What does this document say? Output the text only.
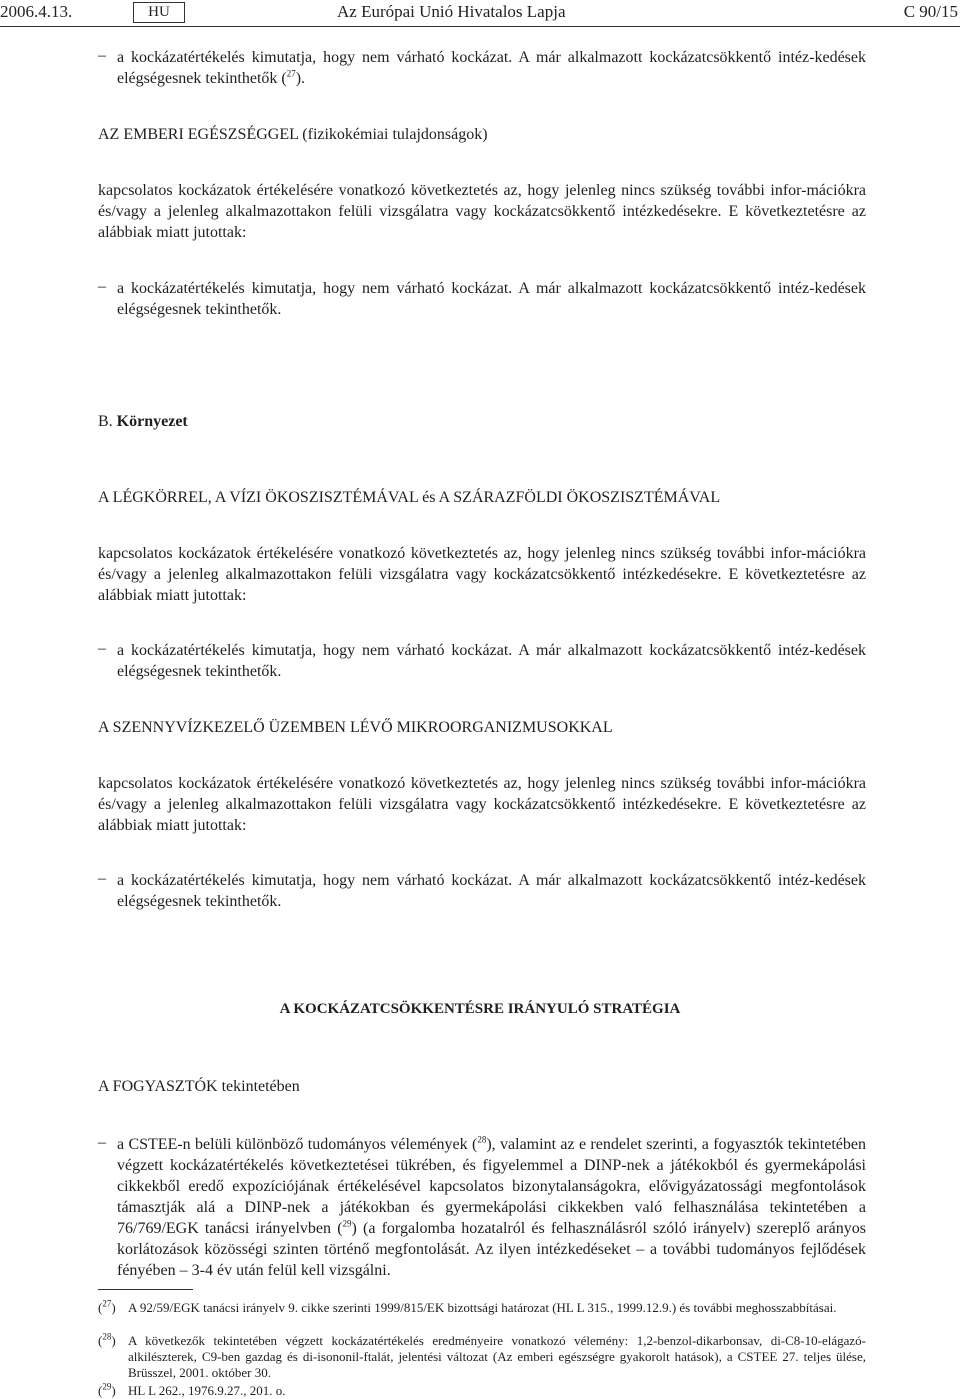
2006.4.13.	HU	Az Európai Unió Hivatalos Lapja	C 90/15
– a kockázatértékelés kimutatja, hogy nem várható kockázat. A már alkalmazott kockázatcsökkentő intéz-kedések elégségesnek tekinthetők ($^{27}$).
AZ EMBERI EGÉSZSÉGGEL (fizikokémiai tulajdonságok)
kapcsolatos kockázatok értékelésére vonatkozó következtetés az, hogy jelenleg nincs szükség további infor-mációkra és/vagy a jelenleg alkalmazottakon felüli vizsgálatra vagy kockázatcsökkentő intézkedésekre. E következtetésre az alábbiak miatt jutottak:
– a kockázatértékelés kimutatja, hogy nem várható kockázat. A már alkalmazott kockázatcsökkentő intéz-kedések elégségesnek tekinthetők.
B. Környezet
A LÉGKÖRREL, A VÍZI ÖKOSZISZTÉMÁVAL és A SZÁRAZFÖLDI ÖKOSZISZTÉMÁVAL
kapcsolatos kockázatok értékelésére vonatkozó következtetés az, hogy jelenleg nincs szükség további infor-mációkra és/vagy a jelenleg alkalmazottakon felüli vizsgálatra vagy kockázatcsökkentő intézkedésekre. E következtetésre az alábbiak miatt jutottak:
– a kockázatértékelés kimutatja, hogy nem várható kockázat. A már alkalmazott kockázatcsökkentő intéz-kedések elégségesnek tekinthetők.
A SZENNYVÍZKEZELŐ ÜZEMBEN LÉVŐ MIKROORGANIZMUSOKKAL
kapcsolatos kockázatok értékelésére vonatkozó következtetés az, hogy jelenleg nincs szükség további infor-mációkra és/vagy a jelenleg alkalmazottakon felüli vizsgálatra vagy kockázatcsökkentő intézkedésekre. E következtetésre az alábbiak miatt jutottak:
– a kockázatértékelés kimutatja, hogy nem várható kockázat. A már alkalmazott kockázatcsökkentő intéz-kedések elégségesnek tekinthetők.
A KOCKÁZATCSÖKKENTÉSRE IRÁNYULÓ STRATÉGIA
A FOGYASZTÓK tekintetében
– a CSTEE-n belüli különböző tudományos vélemények ($^{28}$), valamint az e rendelet szerinti, a fogyasztók tekintetében végzett kockázatértékelés következtetései tükrében, és figyelemmel a DINP-nek a játékokból és gyermekápolási cikkekből eredő expozíciójának értékelésével kapcsolatos bizonytalanságokra, elővigyázatossági megfontolások támasztják alá a DINP-nek a játékokban és gyermekápolási cikkekben való felhasználása tekintetében a 76/769/EGK tanácsi irányelvben ($^{29}$) (a forgalomba hozatalról és felhasználásról szóló irányelv) szereplő arányos korlátozások közösségi szinten történő megfontolását. Az ilyen intézkedéseket – a további tudományos fejlődések fényében – 3-4 év után felül kell vizsgálni.
($^{27}$) A 92/59/EGK tanácsi irányelv 9. cikke szerinti 1999/815/EK bizottsági határozat (HL L 315., 1999.12.9.) és további meghosszabbításai.
($^{28}$) A következők tekintetében végzett kockázatértékelés eredményeire vonatkozó vélemény: 1,2-benzol-dikarbonsav, di-C8-10-elágazó-alkilészterek, C9-ben gazdag és di-isononil-ftalát, jelentési változat (Az emberi egészségre gyakorolt hatások), a CSTEE 27. teljes ülése, Brüsszel, 2001. október 30.
($^{29}$) HL L 262., 1976.9.27., 201. o.
